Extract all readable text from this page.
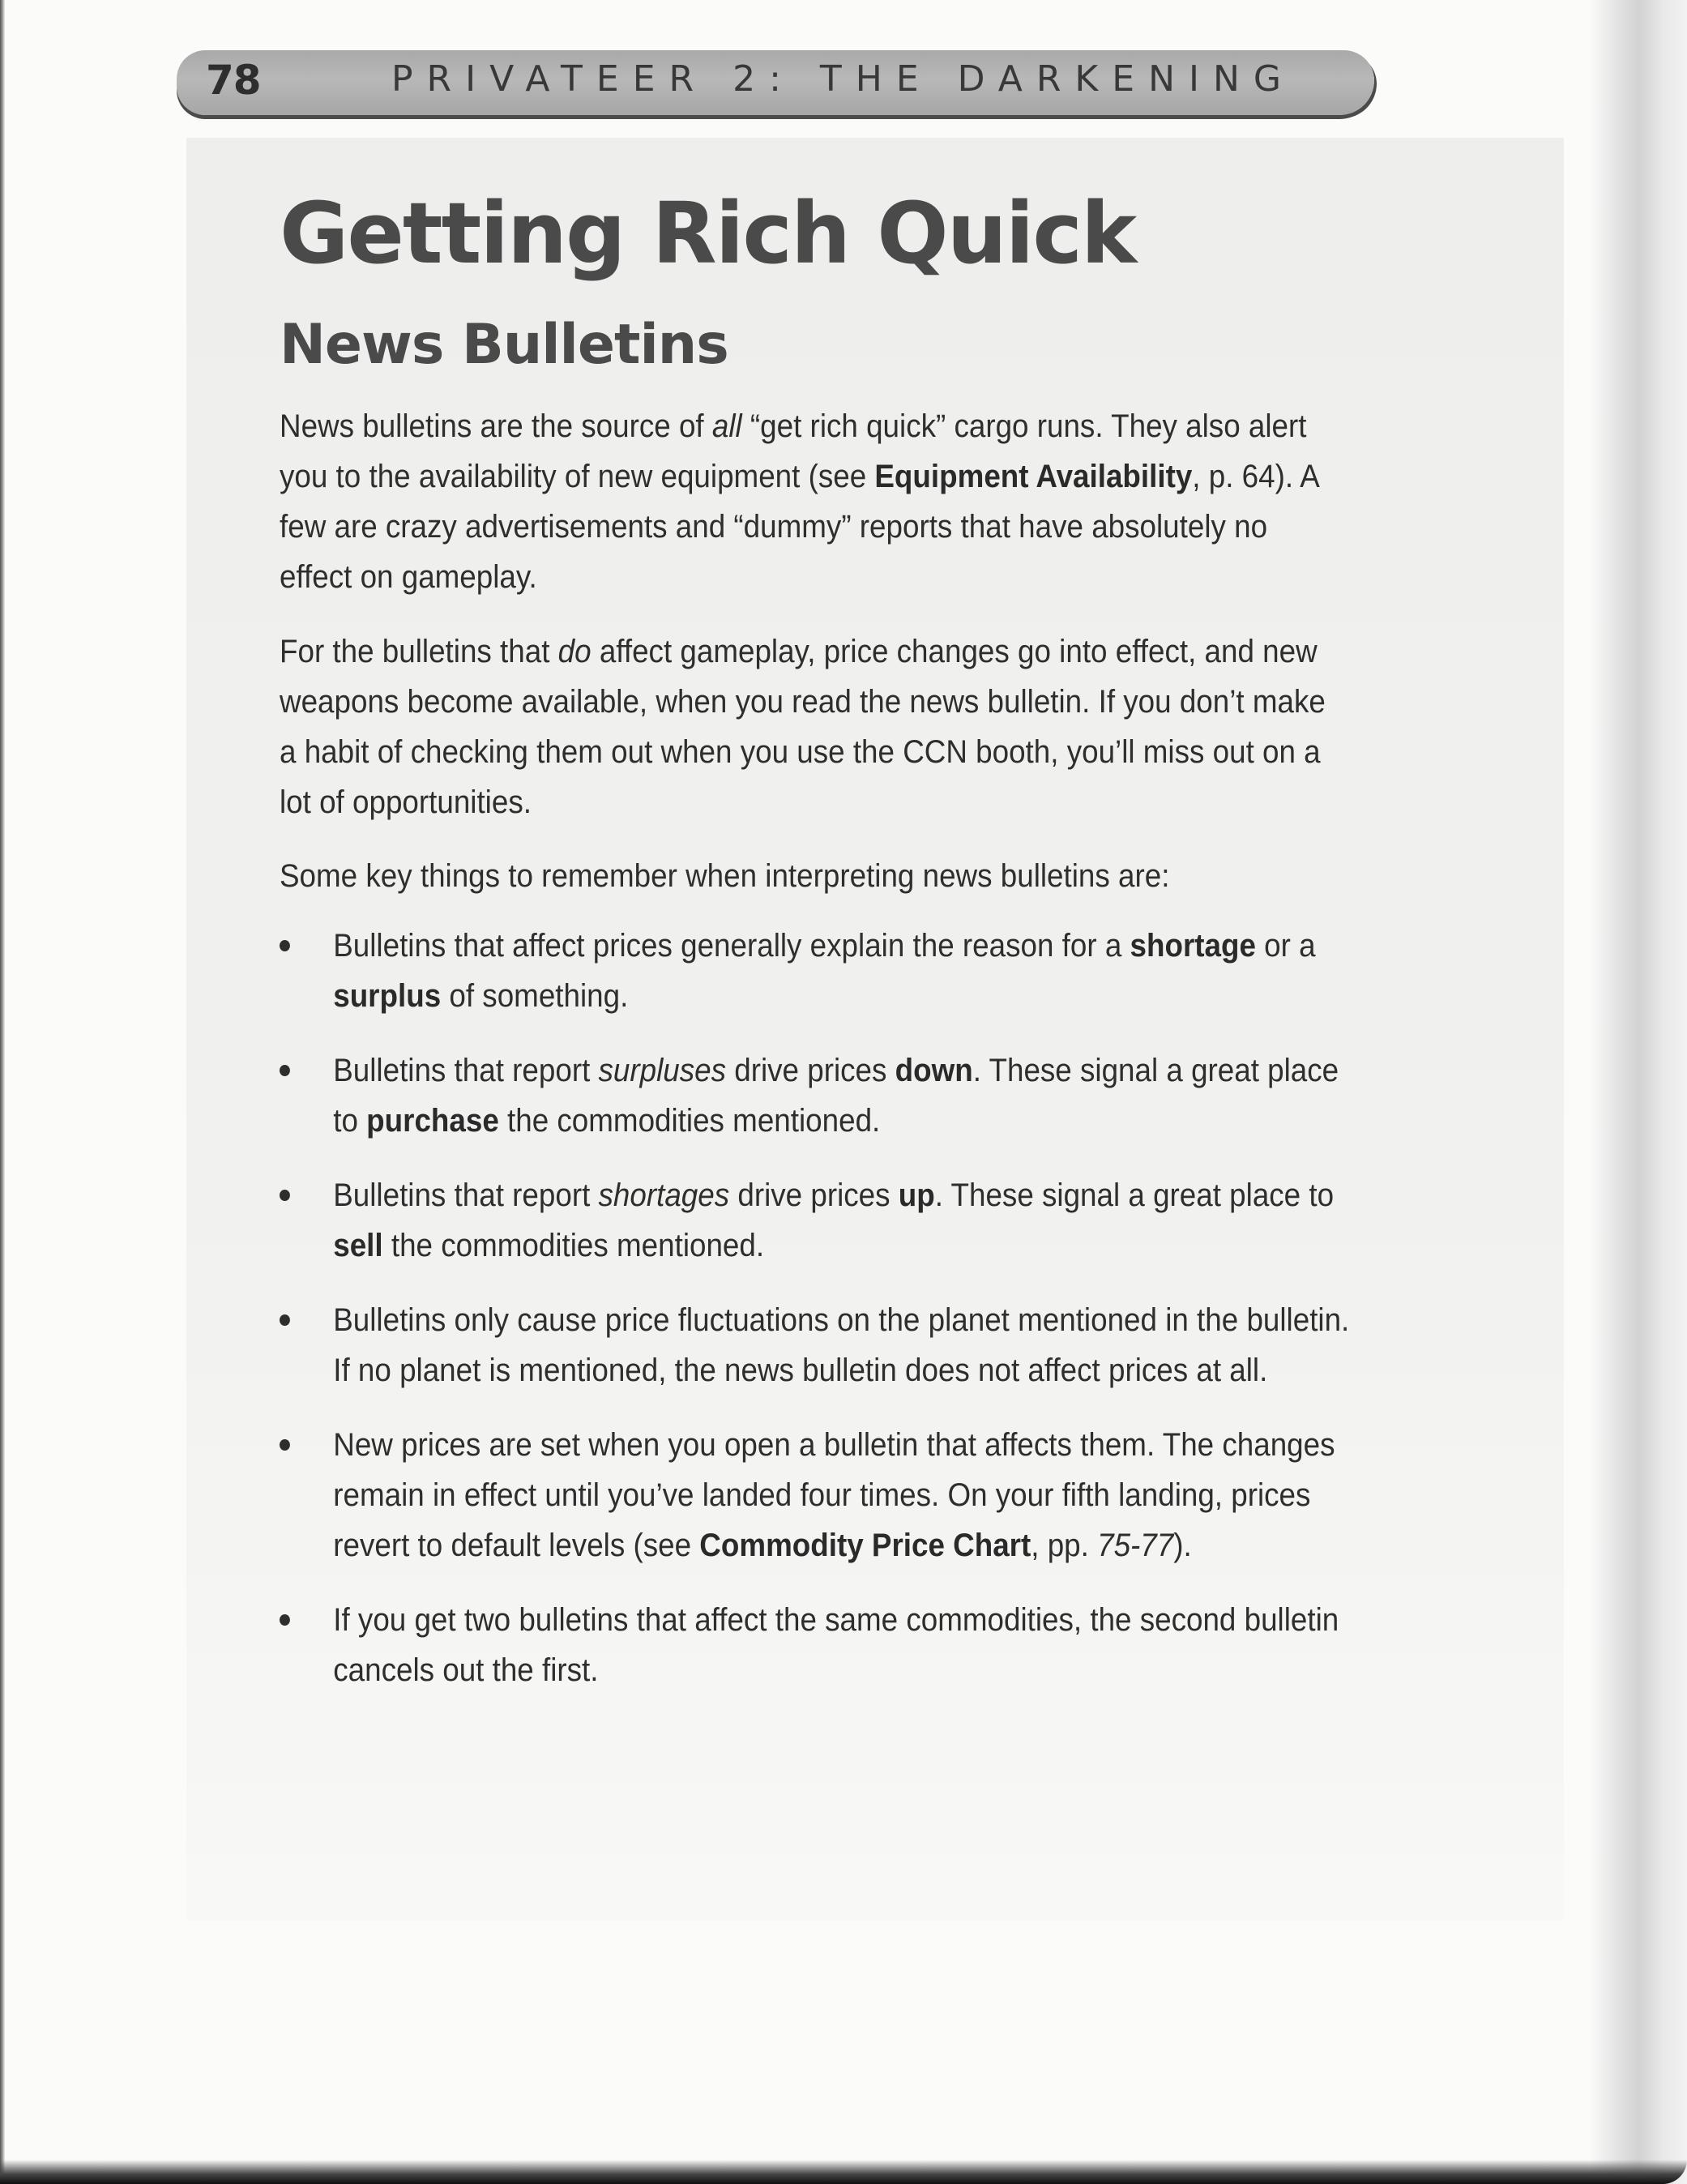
78	PRIVATEER 2: THE DARKENING
Getting Rich Quick
News Bulletins

News bulletins are the source of all “get rich quick” cargo runs. They also alert you to the availability of new equipment (see Equipment Availability, p. 64). A few are crazy advertisements and “dummy” reports that have absolutely no effect on gameplay.

For the bulletins that do affect gameplay, price changes go into effect, and new weapons become available, when you read the news bulletin. If you don’t make a habit of checking them out when you use the CCN booth, you’ll miss out on a lot of opportunities.

Some key things to remember when interpreting news bulletins are:

Bulletins that affect prices generally explain the reason for a shortage or a surplus of something.
Bulletins that report surpluses drive prices down. These signal a great place to purchase the commodities mentioned.
Bulletins that report shortages drive prices up. These signal a great place to sell the commodities mentioned.
Bulletins only cause price fluctuations on the planet mentioned in the bulletin. If no planet is mentioned, the news bulletin does not affect prices at all.
New prices are set when you open a bulletin that affects them. The changes remain in effect until you’ve landed four times. On your fifth landing, prices revert to default levels (see Commodity Price Chart, pp. 75-77).
If you get two bulletins that affect the same commodities, the second bulletin cancels out the first.
